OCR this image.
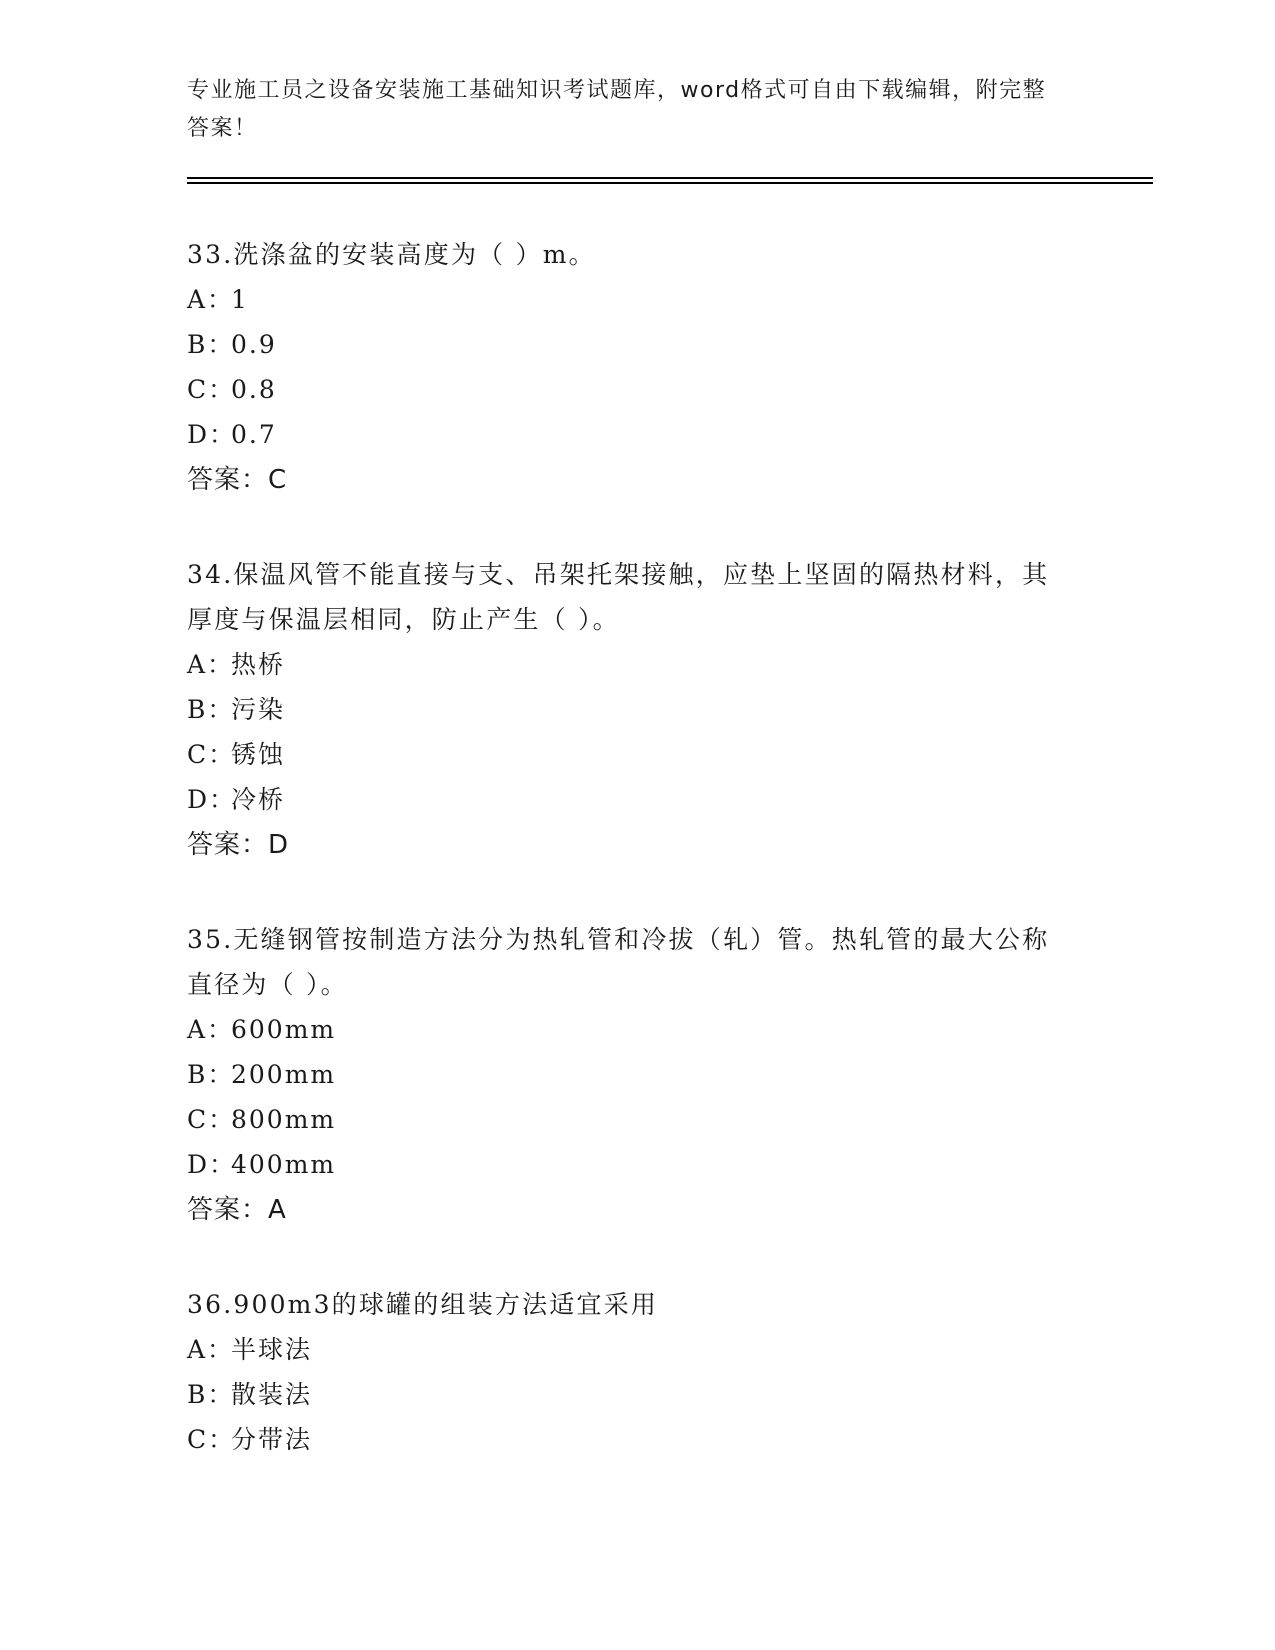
专业施工员之设备安装施工基础知识考试题库，word格式可自由下载编辑，附完整答案！

33.洗涤盆的安装高度为（ ）m。

A：1

B：0.9

C：0.8

D：0.7

答案：C

34.保温风管不能直接与支、吊架托架接触，应垫上坚固的隔热材料，其厚度与保温层相同，防止产生（ ）。

A：热桥

B：污染

C：锈蚀

D：冷桥

答案：D

35.无缝钢管按制造方法分为热轧管和冷拔（轧）管。热轧管的最大公称直径为（ ）。

A：600mm

B：200mm

C：800mm

D：400mm

答案：A

36.900m3的球罐的组装方法适宜采用

A：半球法

B：散装法

C：分带法
